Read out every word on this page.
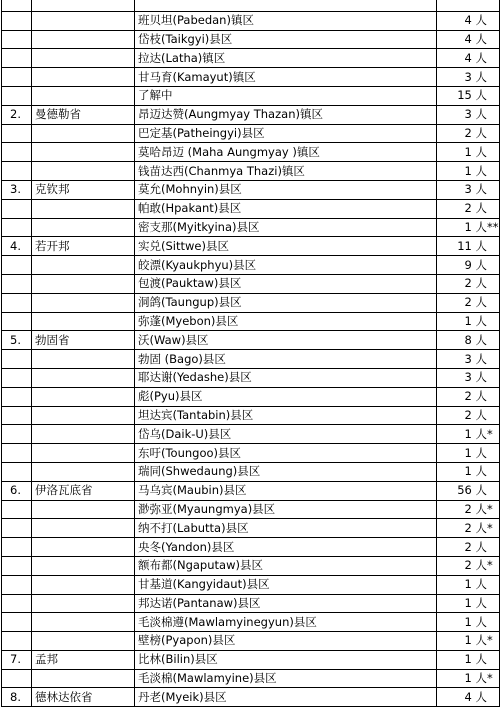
		班贝坦(Pabedan)镇区	4 人
		岱枝(Taikgyi)县区	4 人
		拉达(Latha)镇区	4 人
		甘马育(Kamayut)镇区	3 人
		了解中	15 人
2.	曼德勒省	昂迈达赞(Aungmyay Thazan)镇区	3 人
		巴定基(Patheingyi)县区	2 人
		莫哈昂迈 (Maha Aungmyay )镇区	1 人
		钱苗达西(Chanmya Thazi)镇区	1 人
3.	克钦邦	莫允(Mohnyin)县区	3 人
		帕敢(Hpakant)县区	2 人
		密支那(Myitkyina)县区	1 人**
4.	若开邦	实兑(Sittwe)县区	11 人
		皎漂(Kyaukphyu)县区	9 人
		包渡(Pauktaw)县区	2 人
		洞鸽(Taungup)县区	2 人
		弥蓬(Myebon)县区	1 人
5.	勃固省	沃(Waw)县区	8 人
		勃固 (Bago)县区	3 人
		耶达谢(Yedashe)县区	3 人
		彪(Pyu)县区	2 人
		坦达宾(Tantabin)县区	2 人
		岱乌(Daik-U)县区	1 人*
		东吁(Toungoo)县区	1 人
		瑞同(Shwedaung)县区	1 人
6.	伊洛瓦底省	马乌宾(Maubin)县区	56 人
		渺弥亚(Myaungmya)县区	2 人*
		纳不打(Labutta)县区	2 人*
		央冬(Yandon)县区	2 人
		额布都(Ngaputaw)县区	2 人*
		甘基道(Kangyidaut)县区	1 人
		邦达诺(Pantanaw)县区	1 人
		毛淡棉遵(Mawlamyinegyun)县区	1 人
		壁榜(Pyapon)县区	1 人*
7.	孟邦	比林(Bilin)县区	1 人
		毛淡棉(Mawlamyine)县区	1 人*
8.	德林达依省	丹老(Myeik)县区	4 人
